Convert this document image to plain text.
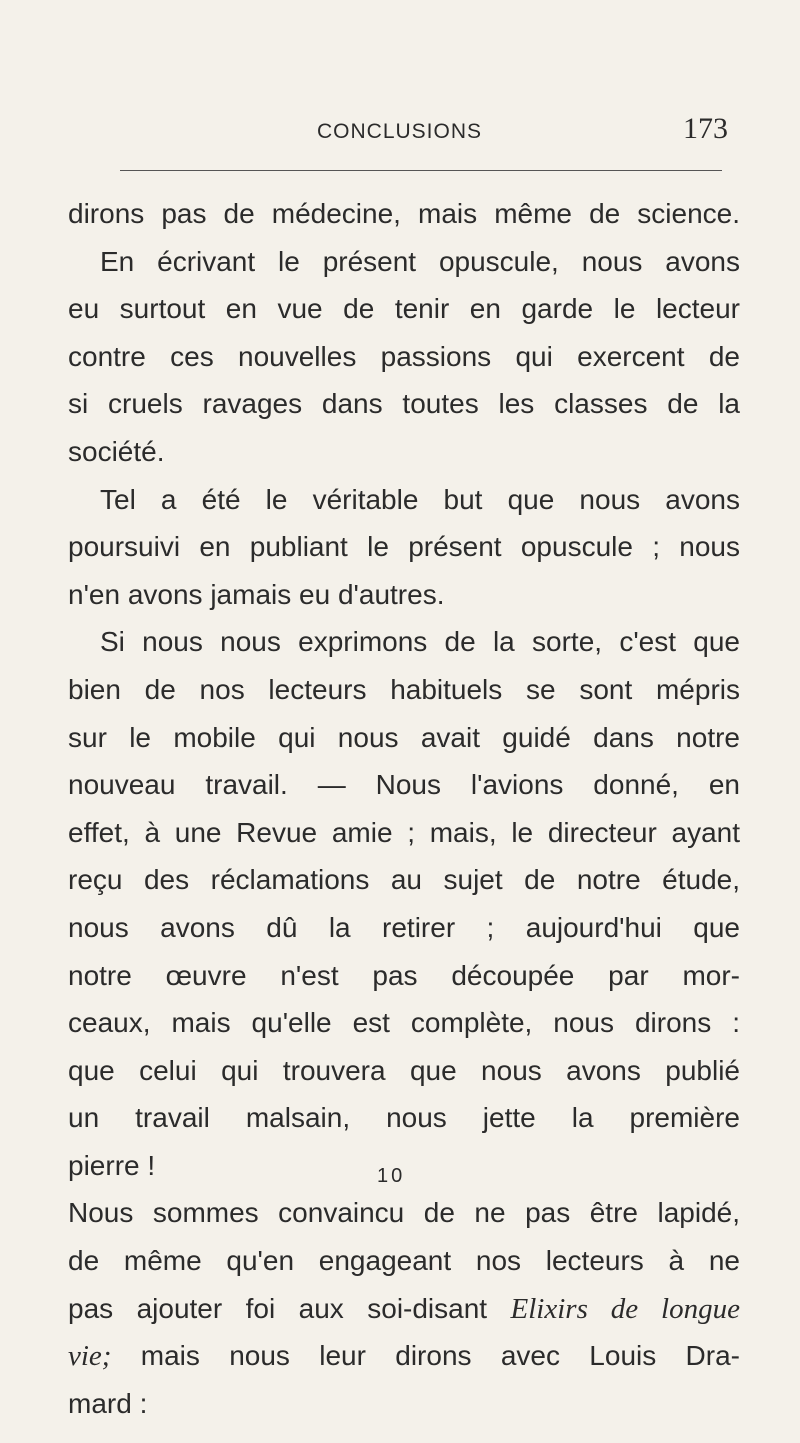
CONCLUSIONS	173
dirons pas de médecine, mais même de science.
En écrivant le présent opuscule, nous avons
eu surtout en vue de tenir en garde le lecteur
contre ces nouvelles passions qui exercent de
si cruels ravages dans toutes les classes de la
société.
Tel a été le véritable but que nous avons
poursuivi en publiant le présent opuscule ; nous
n'en avons jamais eu d'autres.
Si nous nous exprimons de la sorte, c'est que
bien de nos lecteurs habituels se sont mépris
sur le mobile qui nous avait guidé dans notre
nouveau travail. — Nous l'avions donné, en
effet, à une Revue amie ; mais, le directeur ayant
reçu des réclamations au sujet de notre étude,
nous avons dû la retirer ; aujourd'hui que
notre œuvre n'est pas découpée par mor-
ceaux, mais qu'elle est complète, nous dirons :
que celui qui trouvera que nous avons publié
un travail malsain, nous jette la première
pierre !
Nous sommes convaincu de ne pas être lapidé,
de même qu'en engageant nos lecteurs à ne
pas ajouter foi aux soi-disant Elixirs de longue
vie; mais nous leur dirons avec Louis Dra-
mard :
10
